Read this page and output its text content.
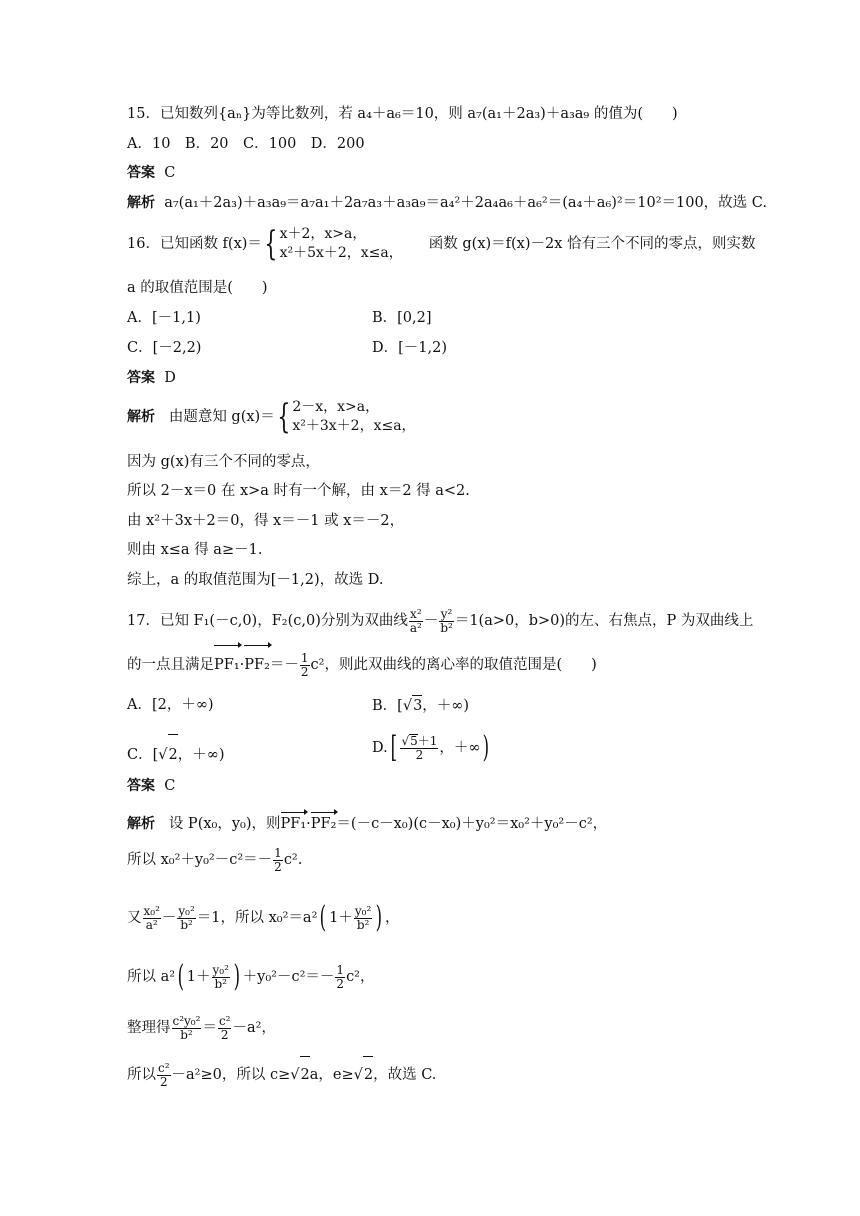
15．已知数列{aₙ}为等比数列，若 a₄＋a₆＝10，则 a₇(a₁＋2a₃)＋a₃a₉ 的值为(　　)
A．10　B．20　C．100　D．200
答案 C
解析 a₇(a₁＋2a₃)＋a₃a₉＝a₇a₁＋2a₇a₃＋a₃a₉＝a₄²＋2a₄a₆＋a₆²＝(a₄＋a₆)²＝10²＝100，故选 C.
16．已知函数 f(x)＝{ x＋2，x>a，
x²＋5x＋2，x≤a，
函数 g(x)＝f(x)－2x 恰有三个不同的零点，则实数
a 的取值范围是(　　)
A．[－1,1)	B．[0,2]
C．[－2,2)	D．[－1,2)
答案 D
解析 由题意知 g(x)＝{ 2－x，x>a，
x²＋3x＋2，x≤a，
因为 g(x)有三个不同的零点，
所以 2－x＝0 在 x>a 时有一个解，由 x＝2 得 a<2.
由 x²＋3x＋2＝0，得 x＝－1 或 x＝－2，
则由 x≤a 得 a≥－1.
综上，a 的取值范围为[－1,2)，故选 D.
17．已知 F₁(－c,0)，F₂(c,0)分别为双曲线 $\frac{\text{x²}}{\text{a²}} - \frac{\text{y²}}{\text{b²}} =1(a>0$，b>0)的左、右焦点，P 为双曲线上
的一点且满足$PF_1\cdot PF_2=- \frac{1}{2} c^2$，则此双曲线的离心率的取值范围是(　　)
A．[2，＋∞)	B．[√3，＋∞)
C．[√2，＋∞)	$D.[ \frac{√5+1}{2}$ ，＋∞)
答案 C
解析 设 P(x₀，y₀)，则PF₁·PF₂＝(－c－x₀)(c－x₀)＋y₀²＝x₀²＋y₀²－c²，
所以 $x_0^2+y_0^2-c^2=- \frac{1}{2} c^2$.
又 $\frac{\text{x₀²}}{\text{a²}} - \frac{\text{y₀²}}{\text{b²}} =1$，所以 x₀²＝a²( $1+ \frac{\text{y₀²}}{\text{b²}}$ ) ，
所以 a²( $1+ \frac{\text{y₀²}}{\text{b²}}$ ) $+y_0^2-c^2=- \frac{1}{2} c^2$，
整理得 $\frac{\text{c²y₀²}}{\text{b²}} = \frac{\text{c²}}{2} -a^2$，
所以 $\frac{\text{c²}}{2} -a^2\ge 0$，所以 c≥√2a，e≥√2，故选 C.
